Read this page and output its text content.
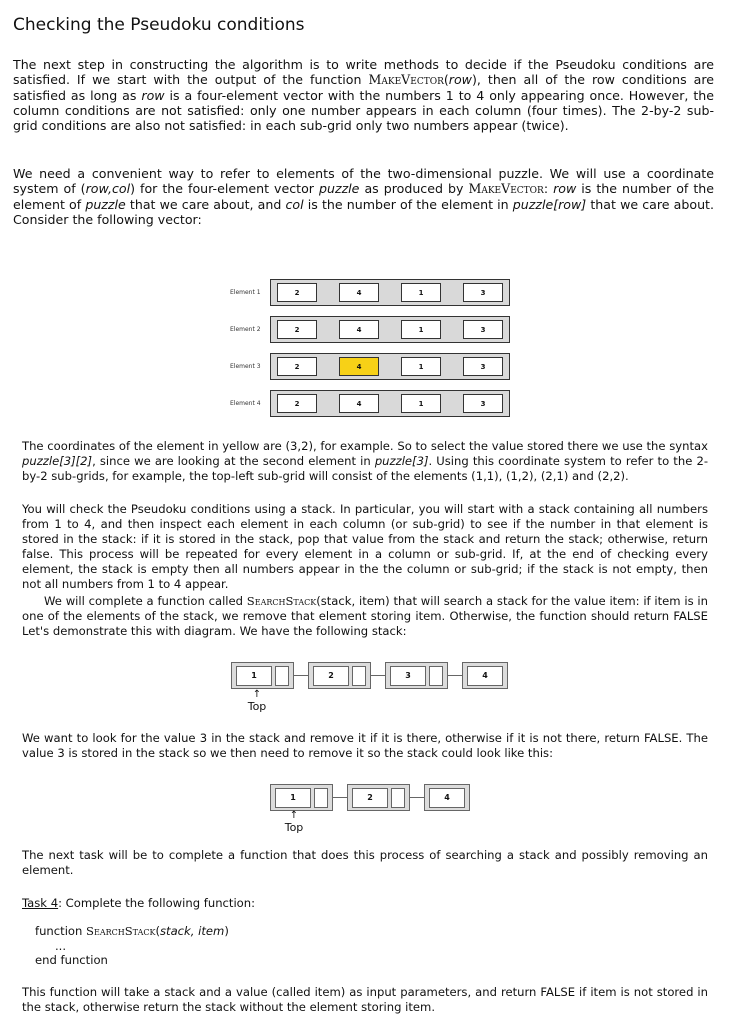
Checking the Pseudoku conditions

The next step in constructing the algorithm is to write methods to decide if the Pseudoku conditions are satisfied. If we start with the output of the function MakeVector(row), then all of the row conditions are satisfied as long as row is a four-element vector with the numbers 1 to 4 only appearing once. However, the column conditions are not satisfied: only one number appears in each column (four times). The 2-by-2 sub-grid conditions are also not satisfied: in each sub-grid only two numbers appear (twice).

We need a convenient way to refer to elements of the two-dimensional puzzle. We will use a coordinate system of (row,col) for the four-element vector puzzle as produced by MakeVector: row is the number of the element of puzzle that we care about, and col is the number of the element in puzzle[row] that we care about. Consider the following vector:

Element 1	2	4	1	3
Element 2	2	4	1	3
Element 3	2	4	1	3
Element 4	2	4	1	3

The coordinates of the element in yellow are (3,2), for example. So to select the value stored there we use the syntax puzzle[3][2], since we are looking at the second element in puzzle[3]. Using this coordinate system to refer to the 2-by-2 sub-grids, for example, the top-left sub-grid will consist of the elements (1,1), (1,2), (2,1) and (2,2).

You will check the Pseudoku conditions using a stack. In particular, you will start with a stack containing all numbers from 1 to 4, and then inspect each element in each column (or sub-grid) to see if the number in that element is stored in the stack: if it is stored in the stack, pop that value from the stack and return the stack; otherwise, return false. This process will be repeated for every element in a column or sub-grid. If, at the end of checking every element, the stack is empty then all numbers appear in the the column or sub-grid; if the stack is not empty, then not all numbers from 1 to 4 appear.

We will complete a function called SearchStack(stack, item) that will search a stack for the value item: if item is in one of the elements of the stack, we remove that element storing item. Otherwise, the function should return FALSE Let's demonstrate this with diagram. We have the following stack:

1	2	3	4
↑
Top

We want to look for the value 3 in the stack and remove it if it is there, otherwise if it is not there, return FALSE. The value 3 is stored in the stack so we then need to remove it so the stack could look like this:

1	2	4
↑
Top

The next task will be to complete a function that does this process of searching a stack and possibly removing an element.

Task 4: Complete the following function:

function SearchStack(stack, item)
...
end function

This function will take a stack and a value (called item) as input parameters, and return FALSE if item is not stored in the stack, otherwise return the stack without the element storing item.
